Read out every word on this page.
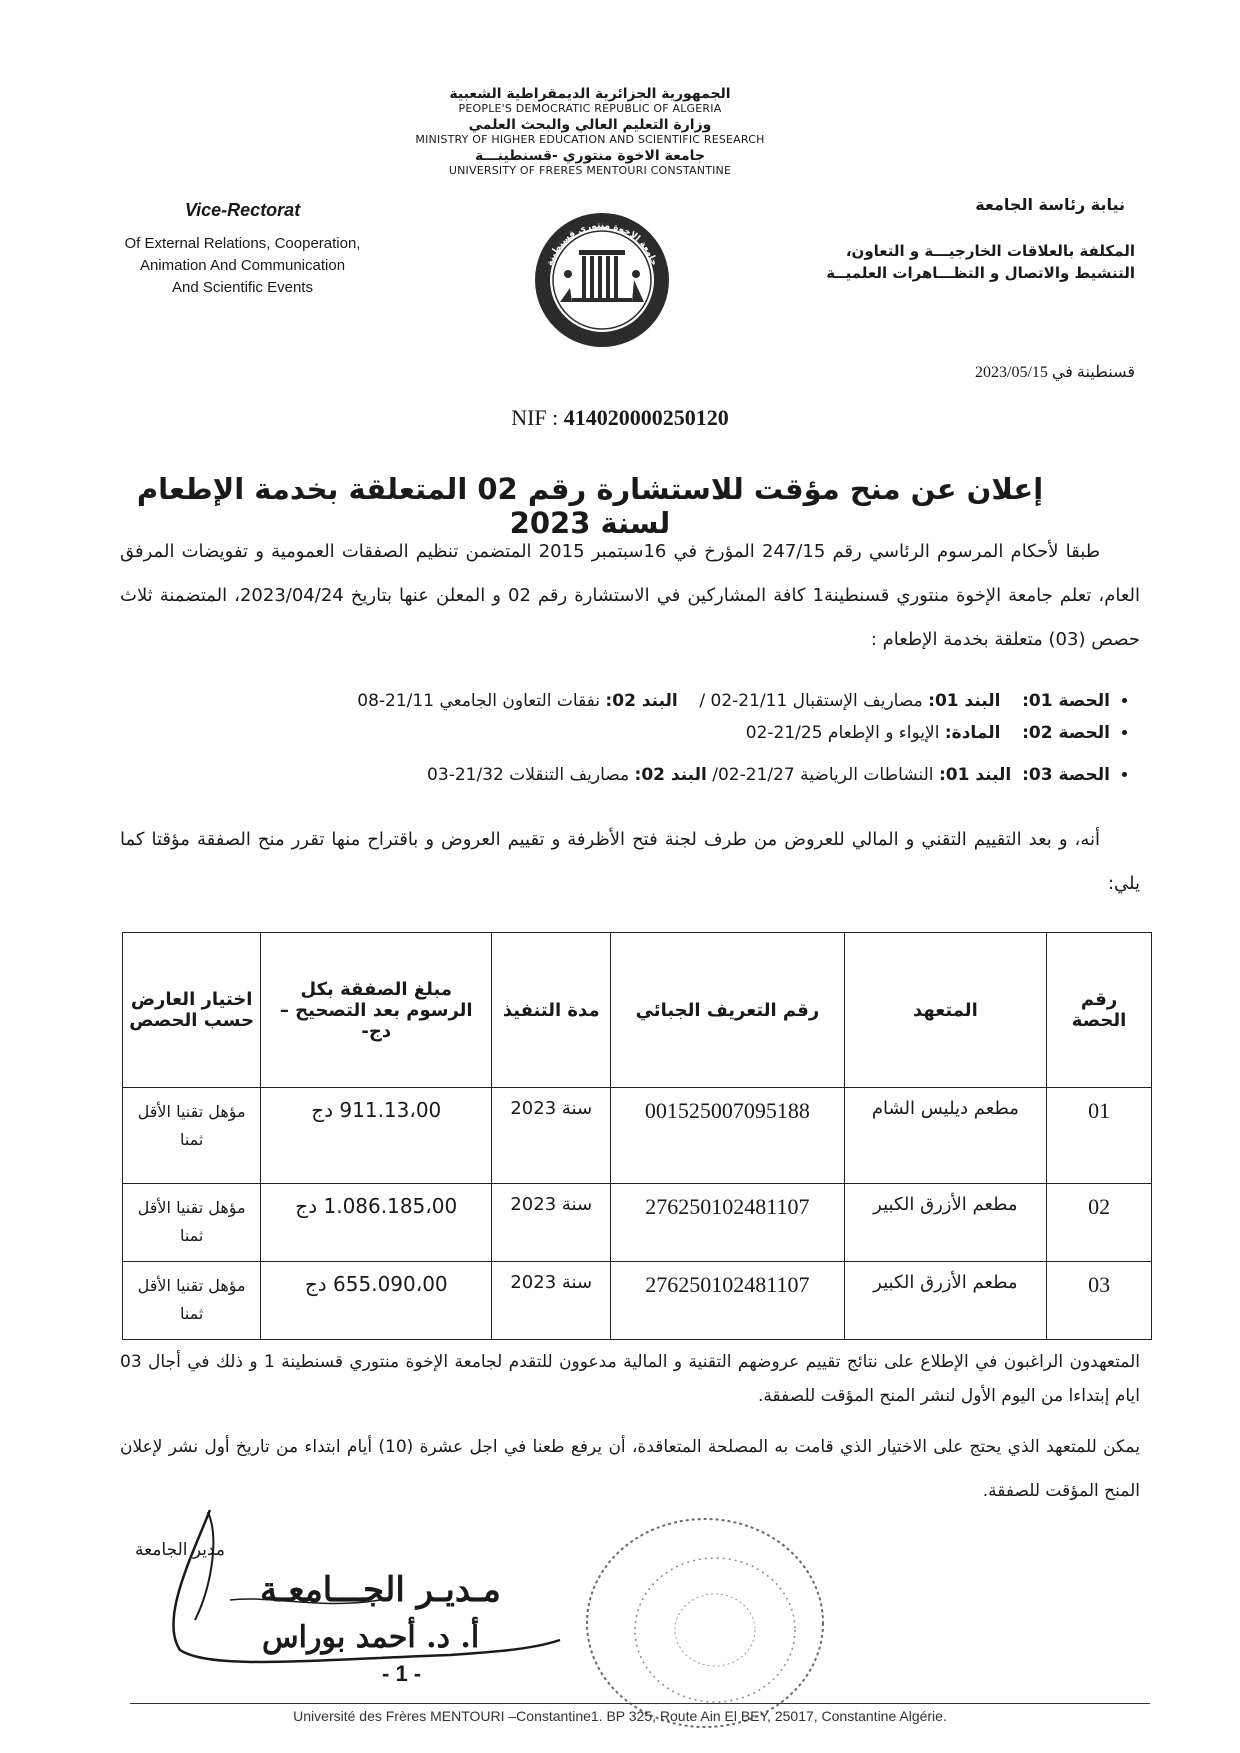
الجمهورية الجزائرية الديمقراطية الشعبية
PEOPLE'S DEMOCRATIC REPUBLIC OF ALGERIA
وزارة التعليم العالي والبحث العلمي
MINISTRY OF HIGHER EDUCATION AND SCIENTIFIC RESEARCH
جامعة الاخوة منتوري -قسنطينـــة
UNIVERSITY OF FRERES MENTOURI CONSTANTINE
Vice-Rectorat
Of External Relations, Cooperation,
Animation And Communication
And Scientific Events
نيابة رئاسة الجامعة
المكلفة بالعلاقات الخارجيـــة و التعاون،
التنشيط والاتصال و التظـــاهرات العلميــة
جامعة الإخوة منتوري قسنطينة
قسنطينة في 2023/05/15
NIF : 414020000250120
إعلان عن منح مؤقت للاستشارة رقم 02 المتعلقة بخدمة الإطعام لسنة 2023
طبقا لأحكام المرسوم الرئاسي رقم 247/15 المؤرخ في 16سبتمبر 2015 المتضمن تنظيم الصفقات العمومية و تفويضات المرفق العام، تعلم جامعة الإخوة منتوري قسنطينة1 كافة المشاركين في الاستشارة رقم 02 و المعلن عنها بتاريخ 2023/04/24، المتضمنة ثلاث حصص (03) متعلقة بخدمة الإطعام :
• الحصة 01:    البند 01: مصاريف الإستقبال 21/11-02 /    البند 02: نفقات التعاون الجامعي 21/11-08
• الحصة 02:    المادة: الإيواء و الإطعام 21/25-02
• الحصة 03:  البند 01: النشاطات الرياضية 21/27-02/ البند 02: مصاريف التنقلات 21/32-03
أنه، و بعد التقييم التقني و المالي للعروض من طرف لجنة فتح الأظرفة و تقييم العروض و باقتراح منها تقرر منح الصفقة مؤقتا كما يلي:
رقم الحصة	المتعهد	رقم التعريف الجبائي	مدة التنفيذ	مبلغ الصفقة بكل الرسوم بعد التصحيح –دج-	اختيار العارض حسب الحصص
01	مطعم ديليس الشام	001525007095188	سنة 2023	911.13،00 دج	مؤهل تقنيا الأقل ثمنا
02	مطعم الأزرق الكبير	276250102481107	سنة 2023	1.086.185،00 دج	مؤهل تقنيا الأقل ثمنا
03	مطعم الأزرق الكبير	276250102481107	سنة 2023	655.090،00 دج	مؤهل تقنيا الأقل ثمنا
المتعهدون الراغبون في الإطلاع على نتائج تقييم عروضهم التقنية و المالية مدعوون للتقدم لجامعة الإخوة منتوري قسنطينة 1 و ذلك في أجال 03 ايام إبتداءا من اليوم الأول لنشر المنح المؤقت للصفقة.
يمكن للمتعهد الذي يحتج على الاختيار الذي قامت به المصلحة المتعاقدة، أن يرفع طعنا في اجل عشرة (10) أيام ابتداء من تاريخ أول نشر لإعلان المنح المؤقت للصفقة.
مدير الجامعة
مـديـر الجـــامعـة
أ. د. أحمد بوراس
- 1 -
Université des Frères MENTOURI –Constantine1. BP 325, Route Ain El BEY, 25017, Constantine Algérie.
